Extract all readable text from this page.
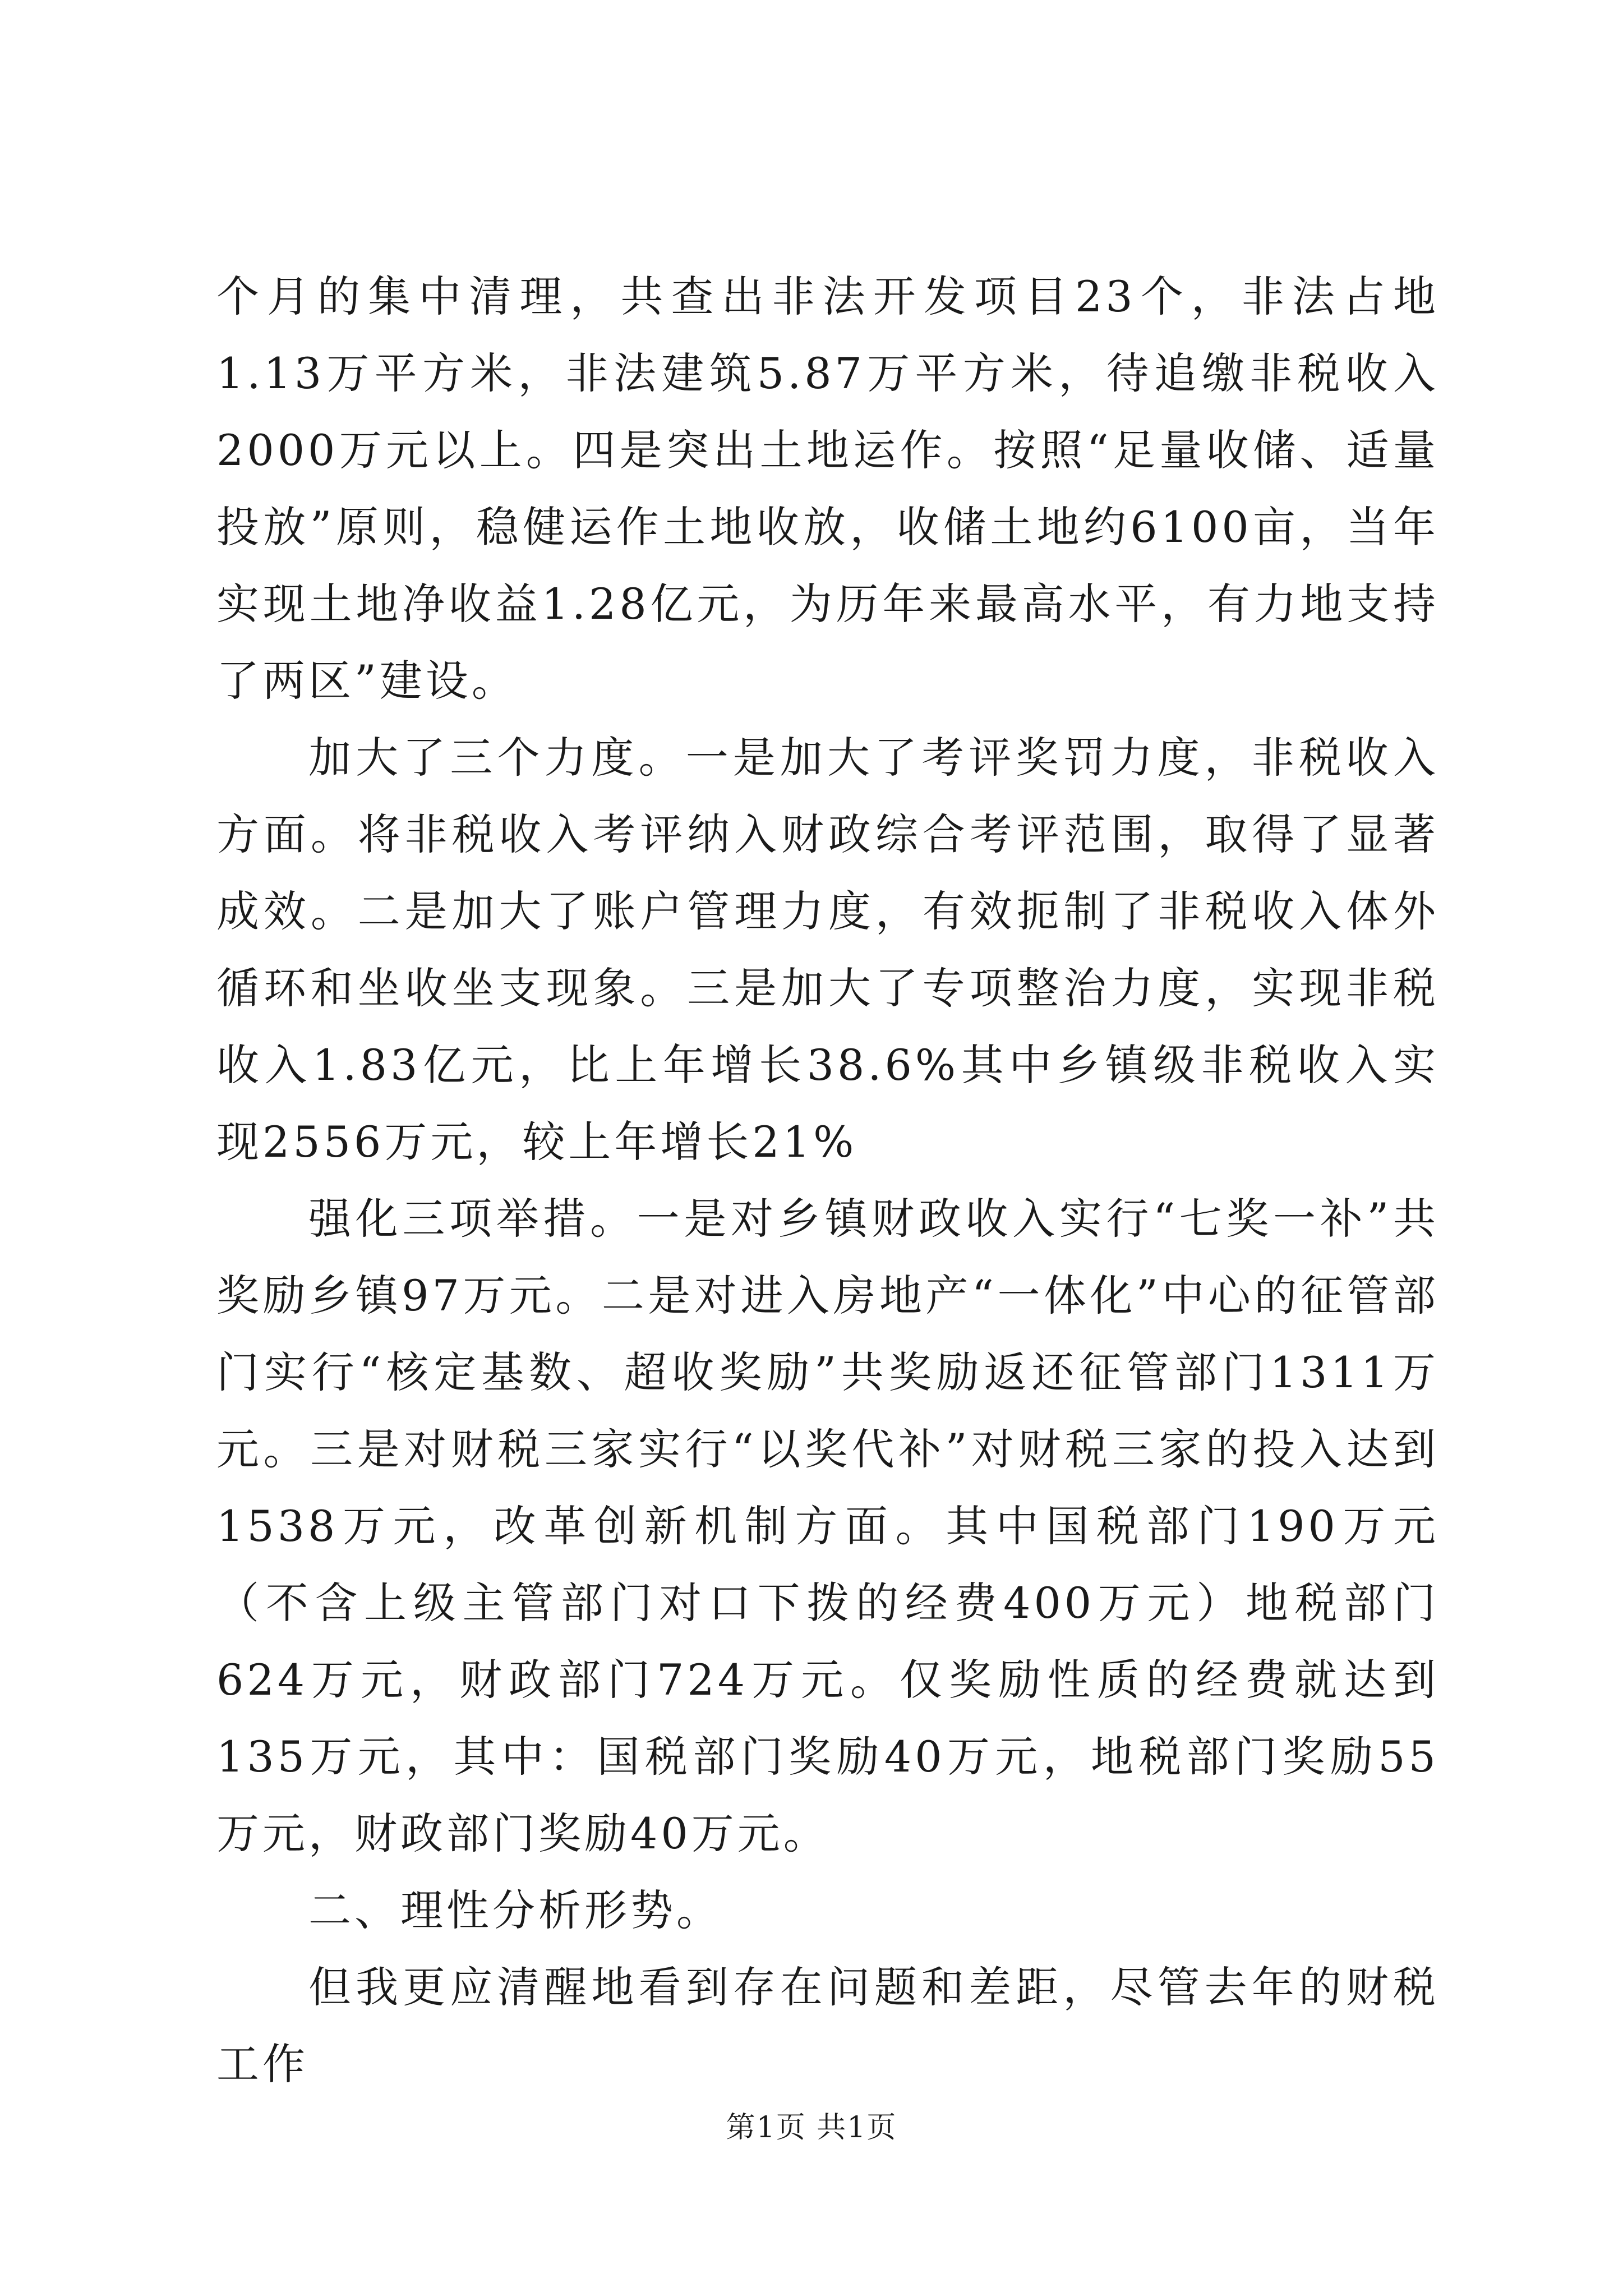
个月的集中清理，共查出非法开发项目23个，非法占地1.13万平方米，非法建筑5.87万平方米，待追缴非税收入2000万元以上。四是突出土地运作。按照“足量收储、适量投放”原则，稳健运作土地收放，收储土地约6100亩，当年实现土地净收益1.28亿元，为历年来最高水平，有力地支持了两区”建设。

加大了三个力度。一是加大了考评奖罚力度，非税收入方面。将非税收入考评纳入财政综合考评范围，取得了显著成效。二是加大了账户管理力度，有效扼制了非税收入体外循环和坐收坐支现象。三是加大了专项整治力度，实现非税收入1.83亿元，比上年增长38.6%其中乡镇级非税收入实现2556万元，较上年增长21%

强化三项举措。一是对乡镇财政收入实行“七奖一补”共奖励乡镇97万元。二是对进入房地产“一体化”中心的征管部门实行“核定基数、超收奖励”共奖励返还征管部门1311万元。三是对财税三家实行“以奖代补”对财税三家的投入达到1538万元，改革创新机制方面。其中国税部门190万元（不含上级主管部门对口下拨的经费400万元）地税部门624万元，财政部门724万元。仅奖励性质的经费就达到135万元，其中：国税部门奖励40万元，地税部门奖励55万元，财政部门奖励40万元。

二、理性分析形势。

但我更应清醒地看到存在问题和差距，尽管去年的财税工作

第1页 共1页
